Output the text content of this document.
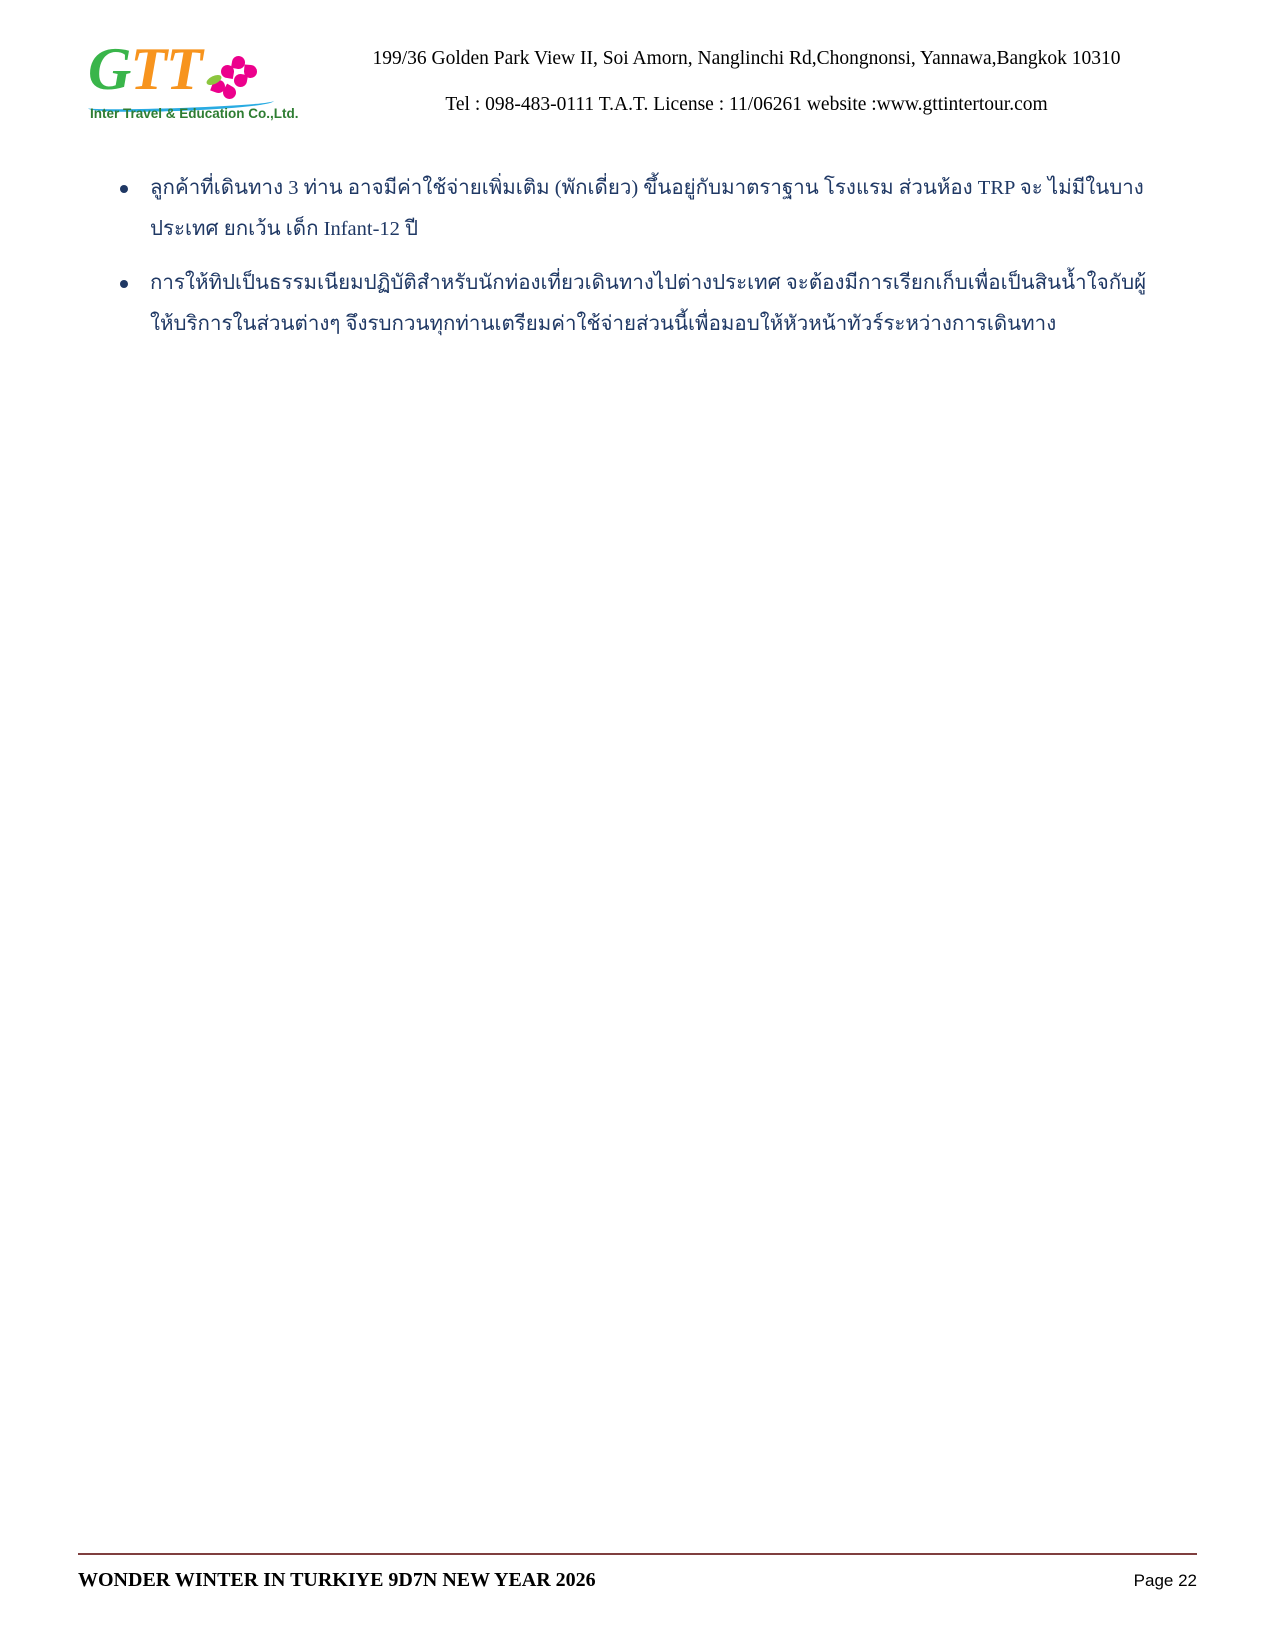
GTT
Inter Travel & Education Co.,Ltd.
199/36 Golden Park View II, Soi Amorn, Nanglinchi Rd,Chongnonsi, Yannawa,Bangkok 10310
Tel : 098-483-0111 T.A.T. License : 11/06261 website :www.gttintertour.com
ลูกค้าที่เดินทาง 3 ท่าน อาจมีค่าใช้จ่ายเพิ่มเติม (พักเดี่ยว) ขึ้นอยู่กับมาตราฐาน โรงแรม ส่วนห้อง TRP จะ ไม่มีในบางประเทศ ยกเว้น เด็ก Infant-12 ปี
การให้ทิปเป็นธรรมเนียมปฏิบัติสำหรับนักท่องเที่ยวเดินทางไปต่างประเทศ จะต้องมีการเรียกเก็บเพื่อเป็นสินน้ำใจกับผู้ให้บริการในส่วนต่างๆ จึงรบกวนทุกท่านเตรียมค่าใช้จ่ายส่วนนี้เพื่อมอบให้หัวหน้าทัวร์ระหว่างการเดินทาง
WONDER WINTER IN TURKIYE 9D7N NEW YEAR 2026	Page 22
